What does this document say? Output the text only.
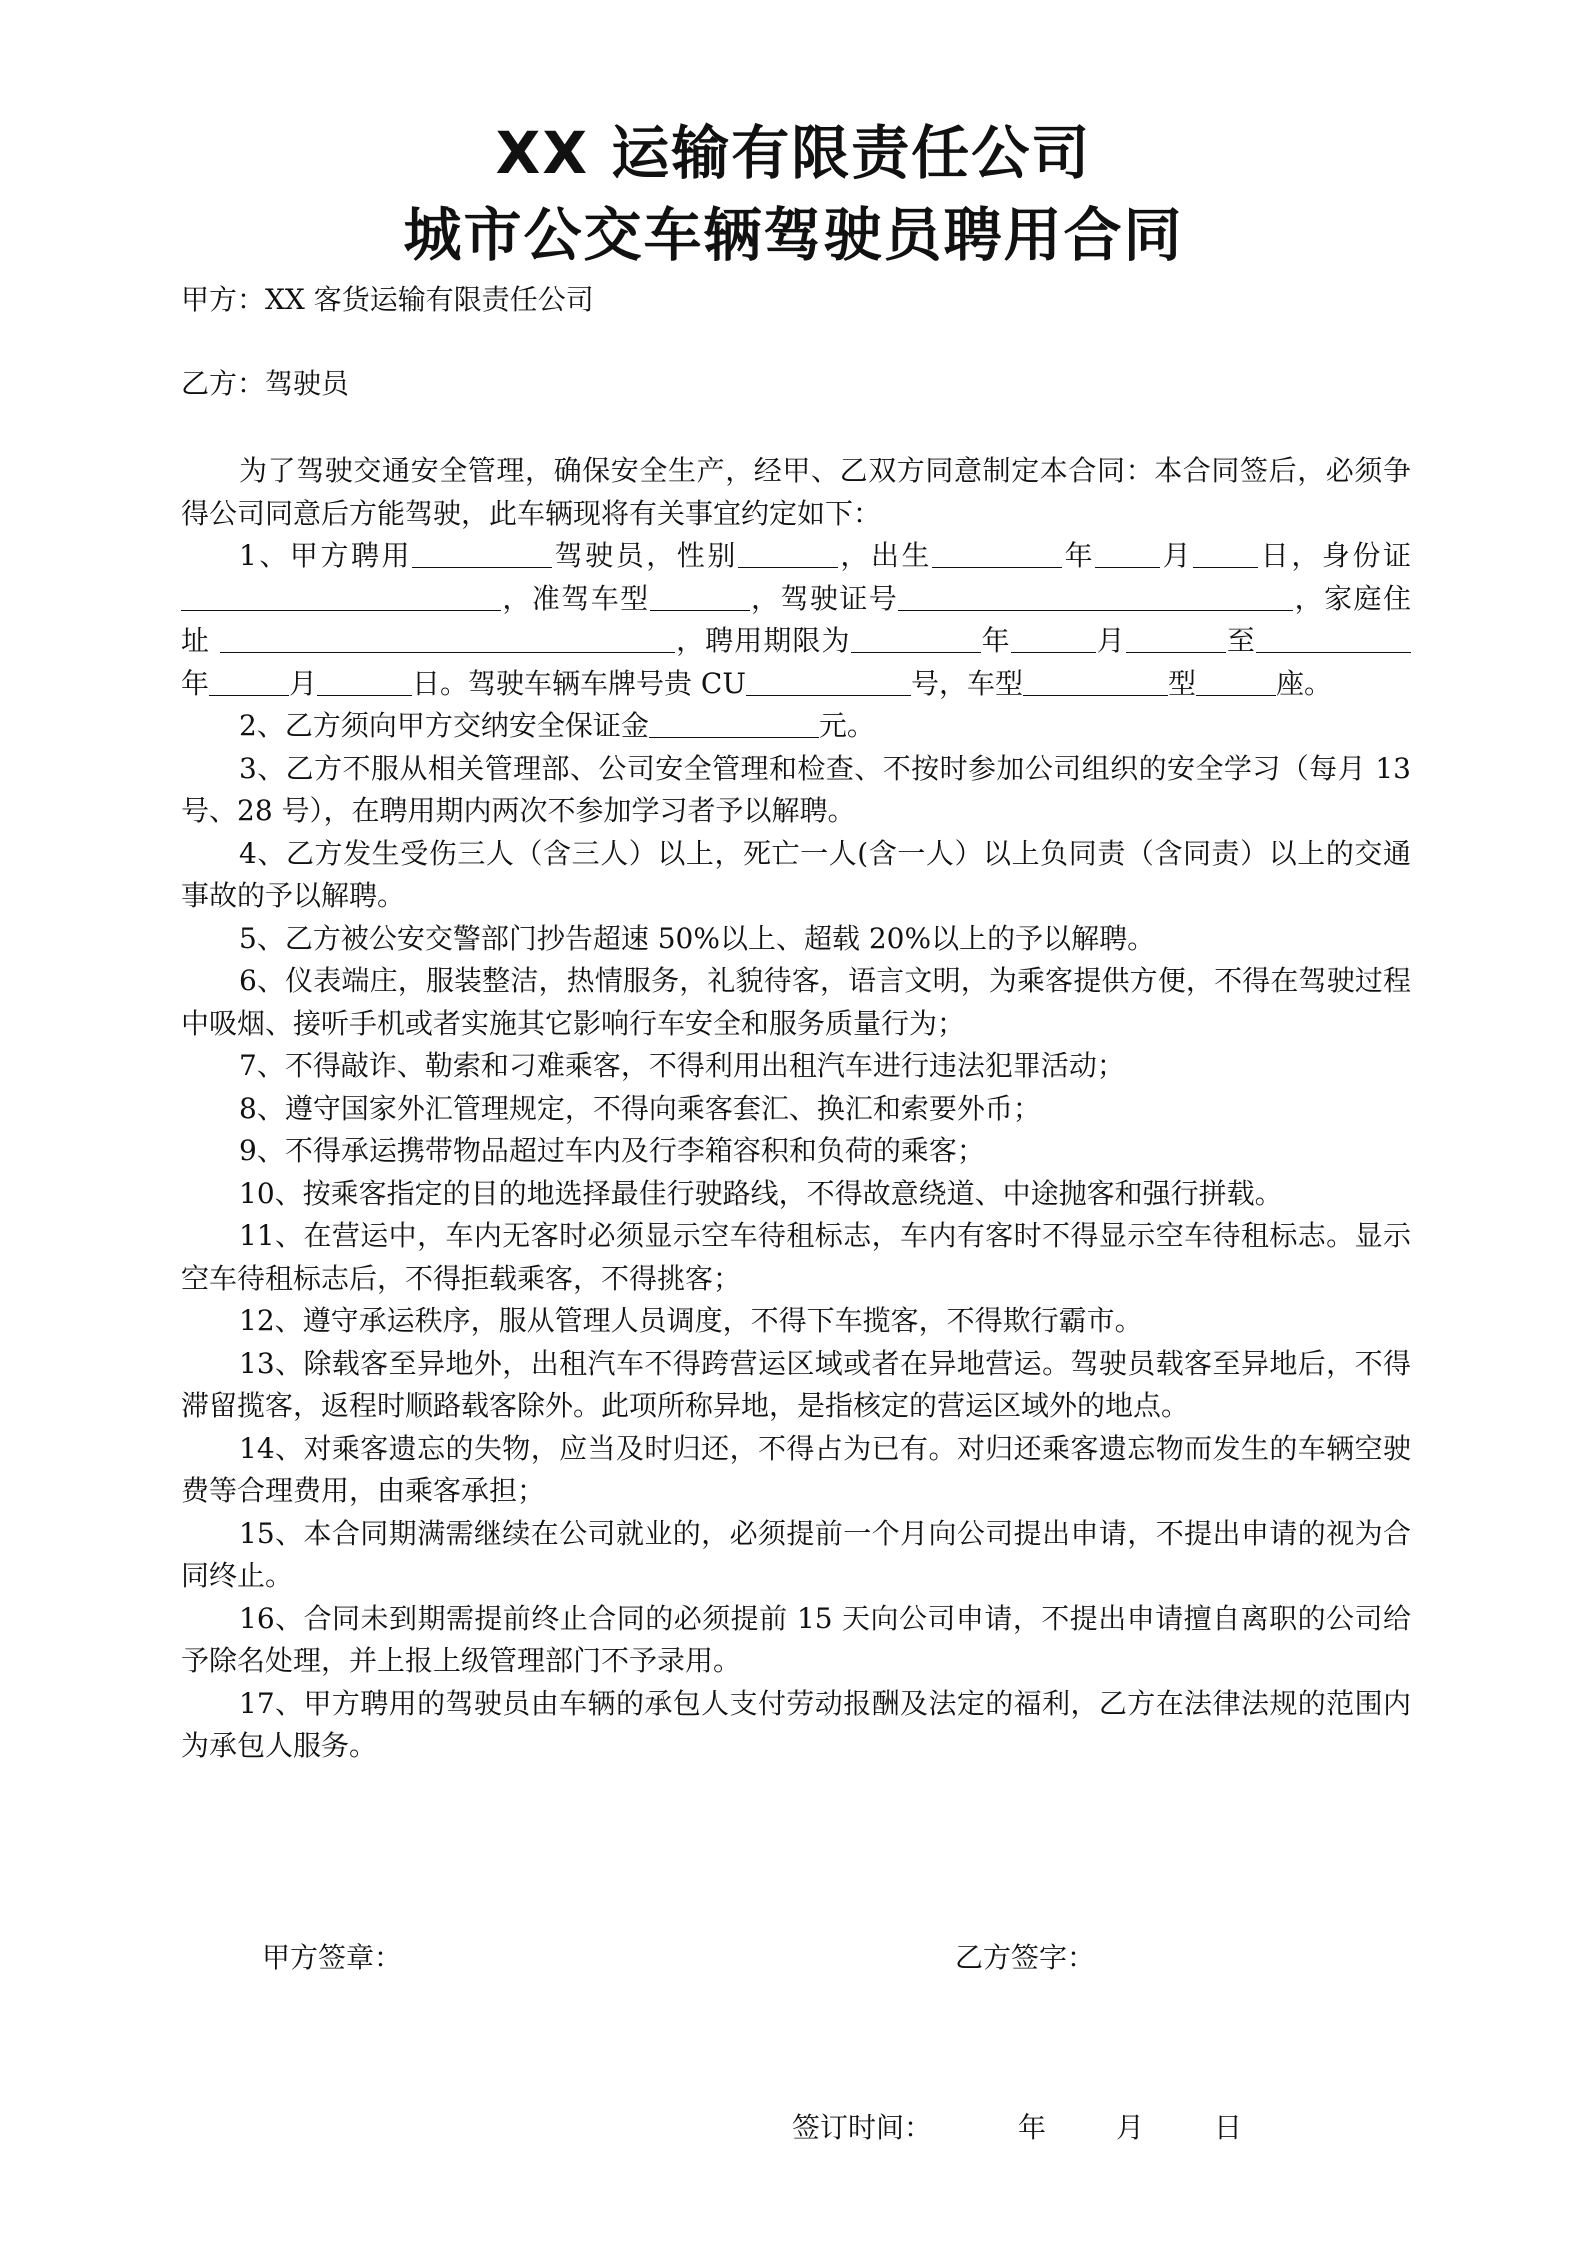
XX 运输有限责任公司
城市公交车辆驾驶员聘用合同
甲方：XX 客货运输有限责任公司
乙方：驾驶员

为了驾驶交通安全管理，确保安全生产，经甲、乙双方同意制定本合同：本合同签后，必须争得公司同意后方能驾驶，此车辆现将有关事宜约定如下：

1、甲方聘用	驾驶员，性别	，出生	年 月 日，身份证，准驾车型	，驾驶证号	，家庭住址	，聘用期限为	年	月	至年	月	日。驾驶车辆车牌号贵 CU	号，车型	型	座。

2、乙方须向甲方交纳安全保证金	元。

3、乙方不服从相关管理部、公司安全管理和检查、不按时参加公司组织的安全学习（每月 13 号、28 号），在聘用期内两次不参加学习者予以解聘。

4、乙方发生受伤三人（含三人）以上，死亡一人(含一人）以上负同责（含同责）以上的交通事故的予以解聘。

5、乙方被公安交警部门抄告超速 50%以上、超载 20%以上的予以解聘。

6、仪表端庄，服装整洁，热情服务，礼貌待客，语言文明，为乘客提供方便，不得在驾驶过程中吸烟、接听手机或者实施其它影响行车安全和服务质量行为；

7、不得敲诈、勒索和刁难乘客，不得利用出租汽车进行违法犯罪活动；

8、遵守国家外汇管理规定，不得向乘客套汇、换汇和索要外币；

9、不得承运携带物品超过车内及行李箱容积和负荷的乘客；

10、按乘客指定的目的地选择最佳行驶路线，不得故意绕道、中途抛客和强行拼载。

11、在营运中，车内无客时必须显示空车待租标志，车内有客时不得显示空车待租标志。显示空车待租标志后，不得拒载乘客，不得挑客；

12、遵守承运秩序，服从管理人员调度，不得下车揽客，不得欺行霸市。

13、除载客至异地外，出租汽车不得跨营运区域或者在异地营运。驾驶员载客至异地后，不得滞留揽客，返程时顺路载客除外。此项所称异地，是指核定的营运区域外的地点。

14、对乘客遗忘的失物，应当及时归还，不得占为已有。对归还乘客遗忘物而发生的车辆空驶费等合理费用，由乘客承担；

15、本合同期满需继续在公司就业的，必须提前一个月向公司提出申请，不提出申请的视为合同终止。

16、合同未到期需提前终止合同的必须提前 15 天向公司申请，不提出申请擅自离职的公司给予除名处理，并上报上级管理部门不予录用。

17、甲方聘用的驾驶员由车辆的承包人支付劳动报酬及法定的福利，乙方在法律法规的范围内为承包人服务。

甲方签章：	乙方签字：
签订时间：	年 月 日
